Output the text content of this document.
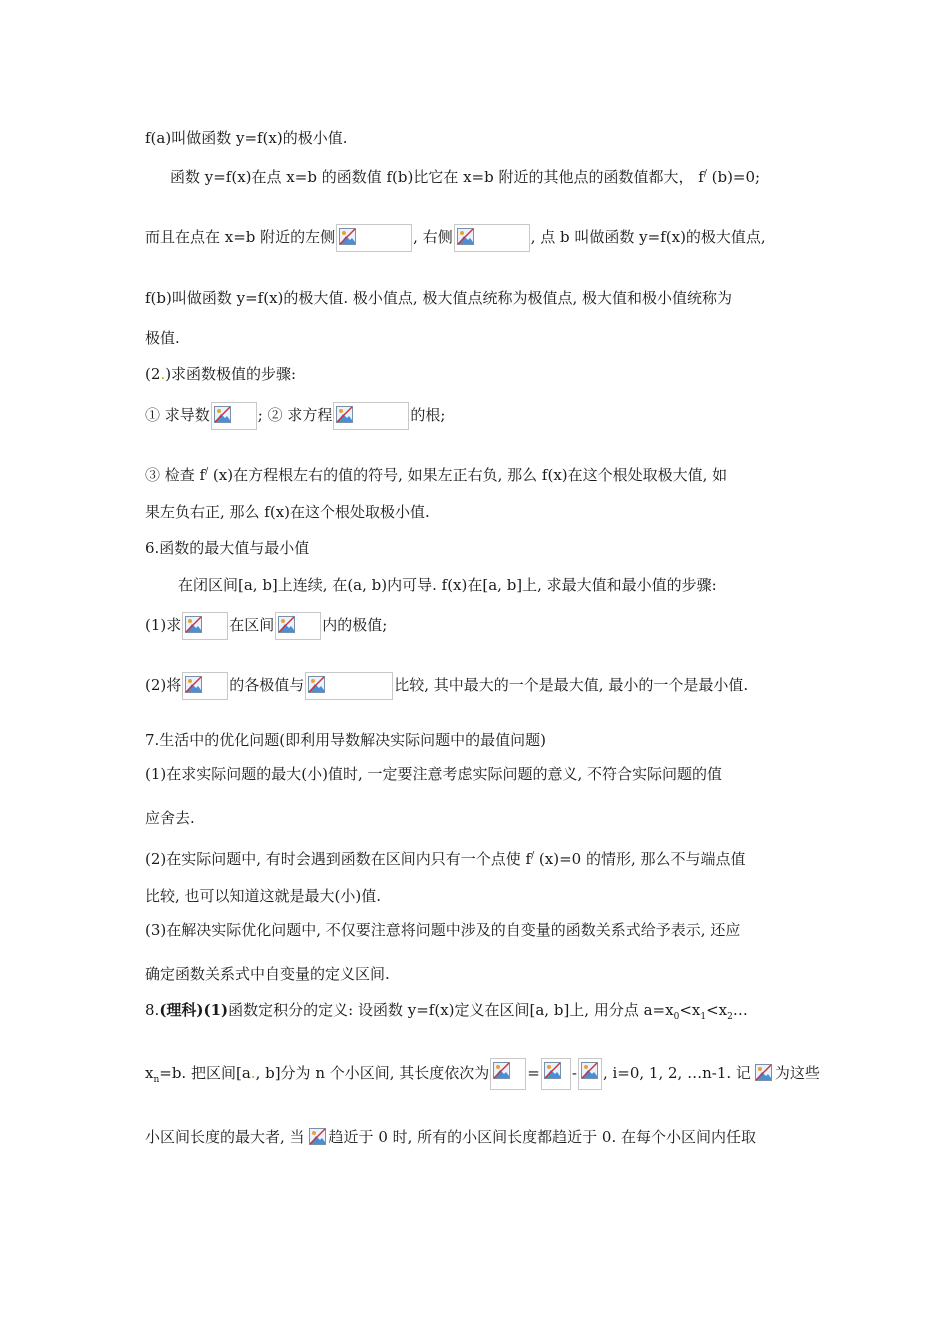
f(a)叫做函数 y=f(x)的极小值.
函数 y=f(x)在点 x=b 的函数值 f(b)比它在 x=b 附近的其他点的函数值都大， f/ (b)=0;
而且在点在 x=b 附近的左侧	, 右侧	, 点 b 叫做函数 y=f(x)的极大值点,
f(b)叫做函数 y=f(x)的极大值. 极小值点, 极大值点统称为极值点, 极大值和极小值统称为
极值.
(2.)求函数极值的步骤:
① 求导数	; ② 求方程	的根;
③ 检查 f/ (x)在方程根左右的值的符号, 如果左正右负, 那么 f(x)在这个根处取极大值, 如
果左负右正, 那么 f(x)在这个根处取极小值.
6.函数的最大值与最小值
在闭区间[a, b]上连续, 在(a, b)内可导. f(x)在[a, b]上, 求最大值和最小值的步骤:
(1)求	在区间	内的极值;
(2)将	的各极值与	比较, 其中最大的一个是最大值, 最小的一个是最小值.
7.生活中的优化问题(即利用导数解决实际问题中的最值问题)
(1)在求实际问题的最大(小)值时, 一定要注意考虑实际问题的意义, 不符合实际问题的值
应舍去.
(2)在实际问题中, 有时会遇到函数在区间内只有一个点使 f/ (x)=0 的情形, 那么不与端点值
比较, 也可以知道这就是最大(小)值.
(3)在解决实际优化问题中, 不仅要注意将问题中涉及的自变量的函数关系式给予表示, 还应
确定函数关系式中自变量的定义区间.
8.(理科)(1)函数定积分的定义: 设函数 y=f(x)定义在区间[a, b]上, 用分点 $a=x_0<x_1<x_2\dots$
$x_n=b$. 把区间[a., b]分为 n 个小区间, 其长度依次为	= - , i=0, 1, 2, …n-1. 记 为这些
小区间长度的最大者, 当 趋近于 0 时, 所有的小区间长度都趋近于 0. 在每个小区间内任取
